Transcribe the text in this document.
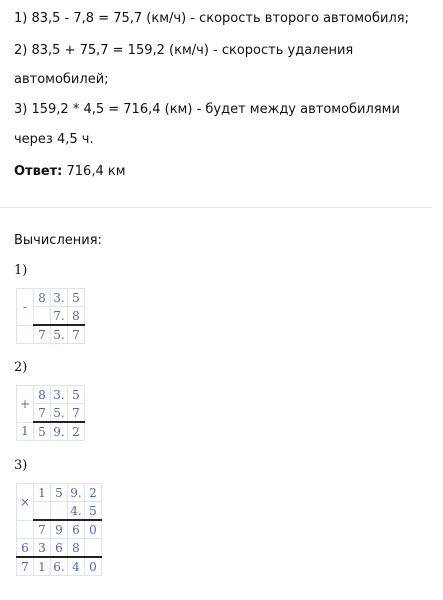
1) 83,5 - 7,8 = 75,7 (км/ч) - скорость второго автомобиля;
2) 83,5 + 75,7 = 159,2 (км/ч) - скорость удаления
автомобилей;
3) 159,2 * 4,5 = 716,4 (км) - будет между автомобилями
через 4,5 ч.
Ответ: 716,4 км
Вычисления:
1)
-	8	3.	5
		7.	8
	7	5.	7
2)
+	8	3.	5
	7	5.	7
1	5	9.	2
3)
×	1	5	9.	2
			4.	5
	7	9	6	0
6	3	6	8	
7	1	6.	4	0
